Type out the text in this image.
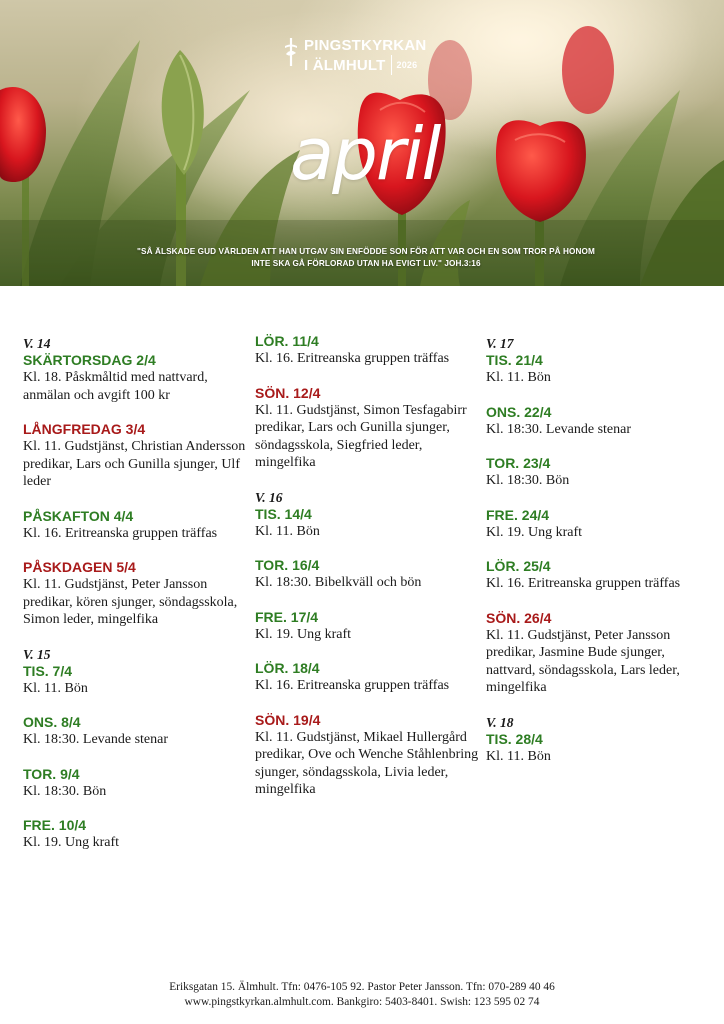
PINGSTKYRKAN
I ÄLMHULT 2026
april
"SÅ ÄLSKADE GUD VÄRLDEN ATT HAN UTGAV SIN ENFÖDDE SON FÖR ATT VAR OCH EN SOM TROR PÅ HONOM
INTE SKA GÅ FÖRLORAD UTAN HA EVIGT LIV." JOH.3:16
V. 14
SKÄRTORSDAG 2/4
Kl. 18. Påskmåltid med nattvard, anmälan och avgift 100 kr
LÅNGFREDAG 3/4
Kl. 11. Gudstjänst, Christian Andersson predikar, Lars och Gunilla sjunger, Ulf leder
PÅSKAFTON 4/4
Kl. 16. Eritreanska gruppen träffas
PÅSKDAGEN 5/4
Kl. 11. Gudstjänst, Peter Jansson predikar, kören sjunger, söndagsskola, Simon leder, mingelfika
V. 15
TIS. 7/4
Kl. 11. Bön
ONS. 8/4
Kl. 18:30. Levande stenar
TOR. 9/4
Kl. 18:30. Bön
FRE. 10/4
Kl. 19. Ung kraft
LÖR. 11/4
Kl. 16. Eritreanska gruppen träffas
SÖN. 12/4
Kl. 11. Gudstjänst, Simon Tesfagabirr predikar, Lars och Gunilla sjunger, söndagsskola, Siegfried leder, mingelfika
V. 16
TIS. 14/4
Kl. 11. Bön
TOR. 16/4
Kl. 18:30. Bibelkväll och bön
FRE. 17/4
Kl. 19. Ung kraft
LÖR. 18/4
Kl. 16. Eritreanska gruppen träffas
SÖN. 19/4
Kl. 11. Gudstjänst, Mikael Hullergård predikar, Ove och Wenche Ståhlenbring sjunger, söndagsskola, Livia leder, mingelfika
V. 17
TIS. 21/4
Kl. 11. Bön
ONS. 22/4
Kl. 18:30. Levande stenar
TOR. 23/4
Kl. 18:30. Bön
FRE. 24/4
Kl. 19. Ung kraft
LÖR. 25/4
Kl. 16. Eritreanska gruppen träffas
SÖN. 26/4
Kl. 11. Gudstjänst, Peter Jansson predikar, Jasmine Bude sjunger, nattvard, söndagsskola, Lars leder, mingelfika
V. 18
TIS. 28/4
Kl. 11. Bön
Eriksgatan 15. Älmhult. Tfn: 0476-105 92. Pastor Peter Jansson. Tfn: 070-289 40 46
www.pingstkyrkan.almhult.com. Bankgiro: 5403-8401. Swish: 123 595 02 74
